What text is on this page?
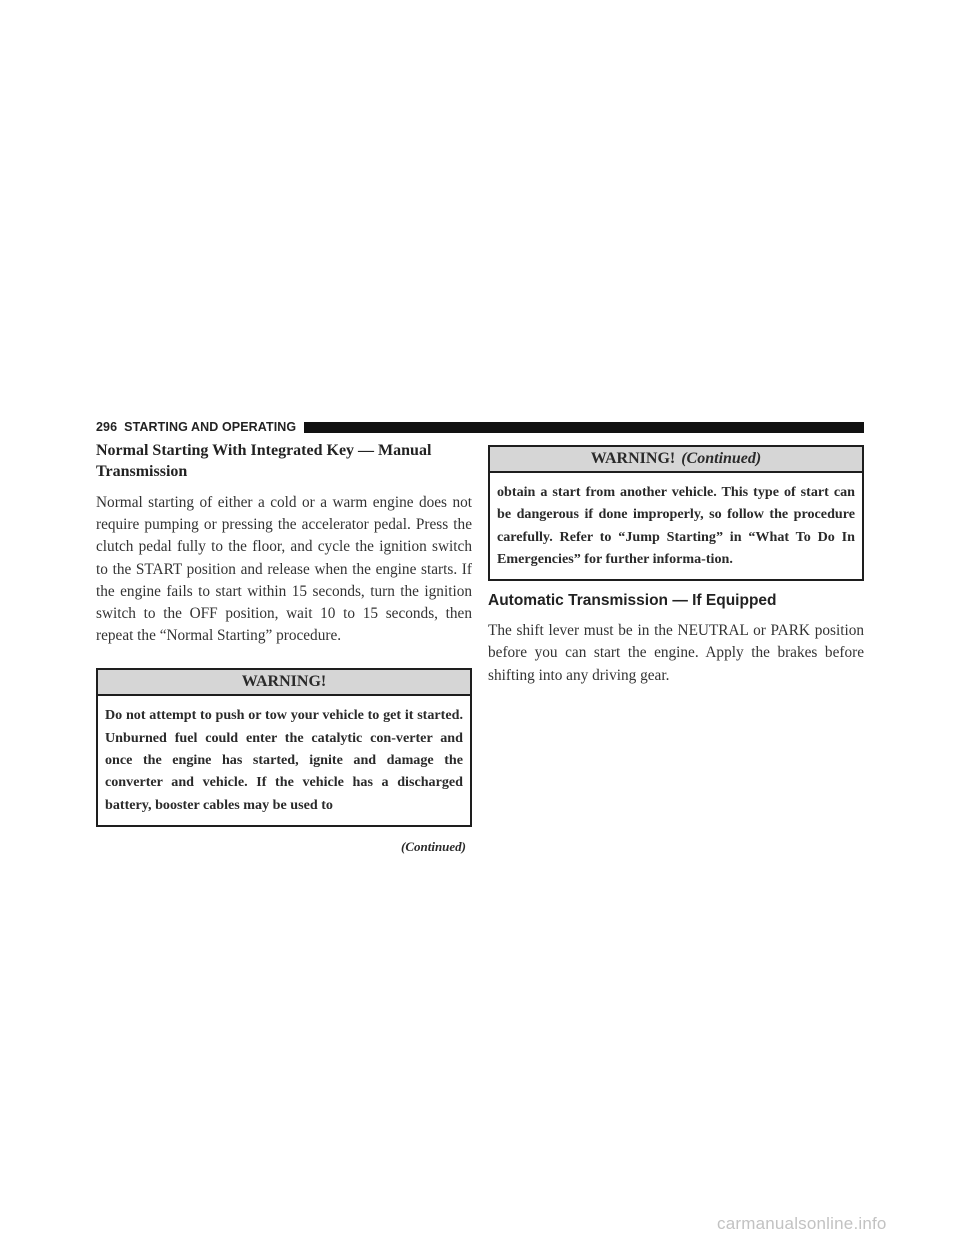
296 STARTING AND OPERATING
Normal Starting With Integrated Key — Manual Transmission

Normal starting of either a cold or a warm engine does not require pumping or pressing the accelerator pedal. Press the clutch pedal fully to the floor, and cycle the ignition switch to the START position and release when the engine starts. If the engine fails to start within 15 seconds, turn the ignition switch to the OFF position, wait 10 to 15 seconds, then repeat the “Normal Starting” procedure.

WARNING!
Do not attempt to push or tow your vehicle to get it started. Unburned fuel could enter the catalytic con-verter and once the engine has started, ignite and damage the converter and vehicle. If the vehicle has a discharged battery, booster cables may be used to
(Continued)
WARNING! (Continued)
obtain a start from another vehicle. This type of start can be dangerous if done improperly, so follow the procedure carefully. Refer to “Jump Starting” in “What To Do In Emergencies” for further informa-tion.
Automatic Transmission — If Equipped

The shift lever must be in the NEUTRAL or PARK position before you can start the engine. Apply the brakes before shifting into any driving gear.

carmanualsonline.info
